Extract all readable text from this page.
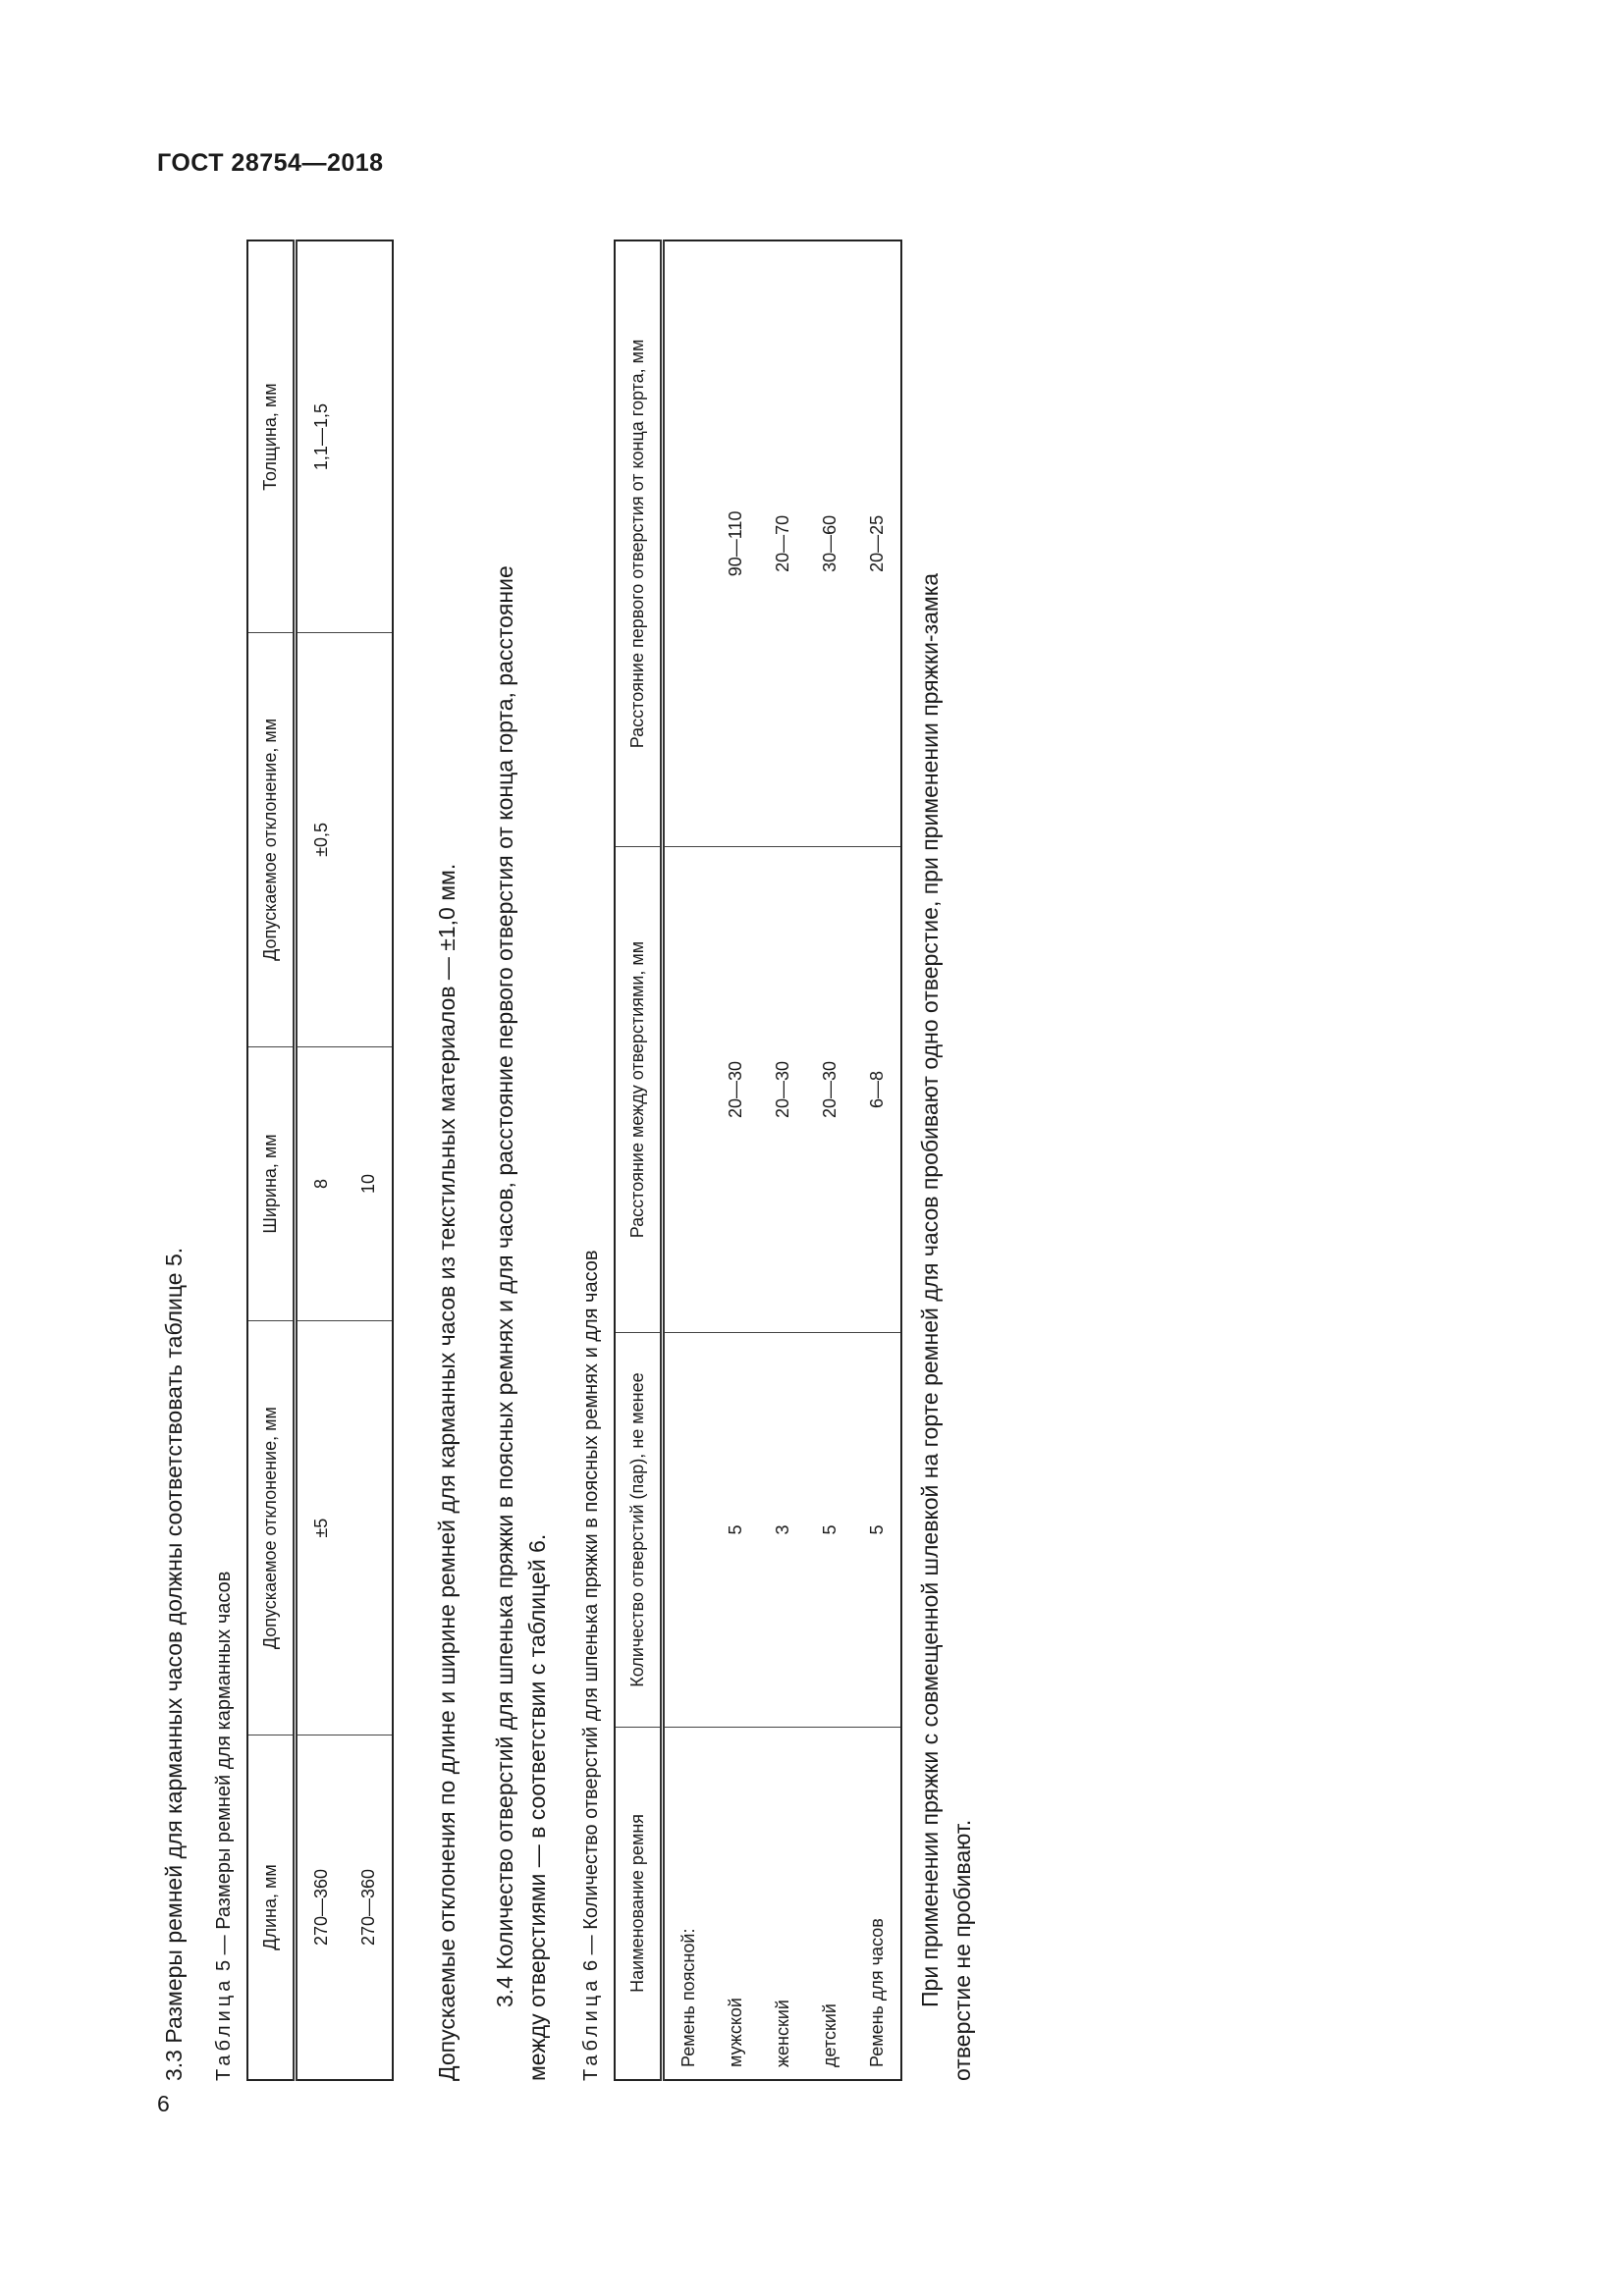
ГОСТ 28754—2018
6
3.3 Размеры ремней для карманных часов должны соответствовать таблице 5. Таблица 5 — Размеры ремней для карманных часов Длина, мм	Допускаемое отклонение, мм	Ширина, мм	Допускаемое отклонение, мм	Толщина, мм
270—360	±5	8	±0,5	1,1—1,5
270—360		10			Допускаемые отклонения по длине и ширине ремней для карманных часов из текстильных материалов — ±1,0 мм. 3.4 Количество отверстий для шпенька пряжки в поясных ремнях и для часов, расстояние первого отверстия от конца горта, расстояние между отверстиями — в соответствии с таблицей 6. Таблица 6 — Количество отверстий для шпенька пряжки в поясных ремнях и для часов Наименование ремня	Количество отверстий (пар), не менее	Расстояние между отверстиями, мм	Расстояние первого отверстия от конца горта, мм
Ремень поясной:			
мужской	5	20—30	90—110
женский	3	20—30	20—70
детский	5	20—30	30—60
Ремень для часов	5	6—8	20—25
При применении пряжки с совмещенной шлевкой на горте ремней для часов пробивают одно отверстие, при применении пряжки-замка отверстие не пробивают.
